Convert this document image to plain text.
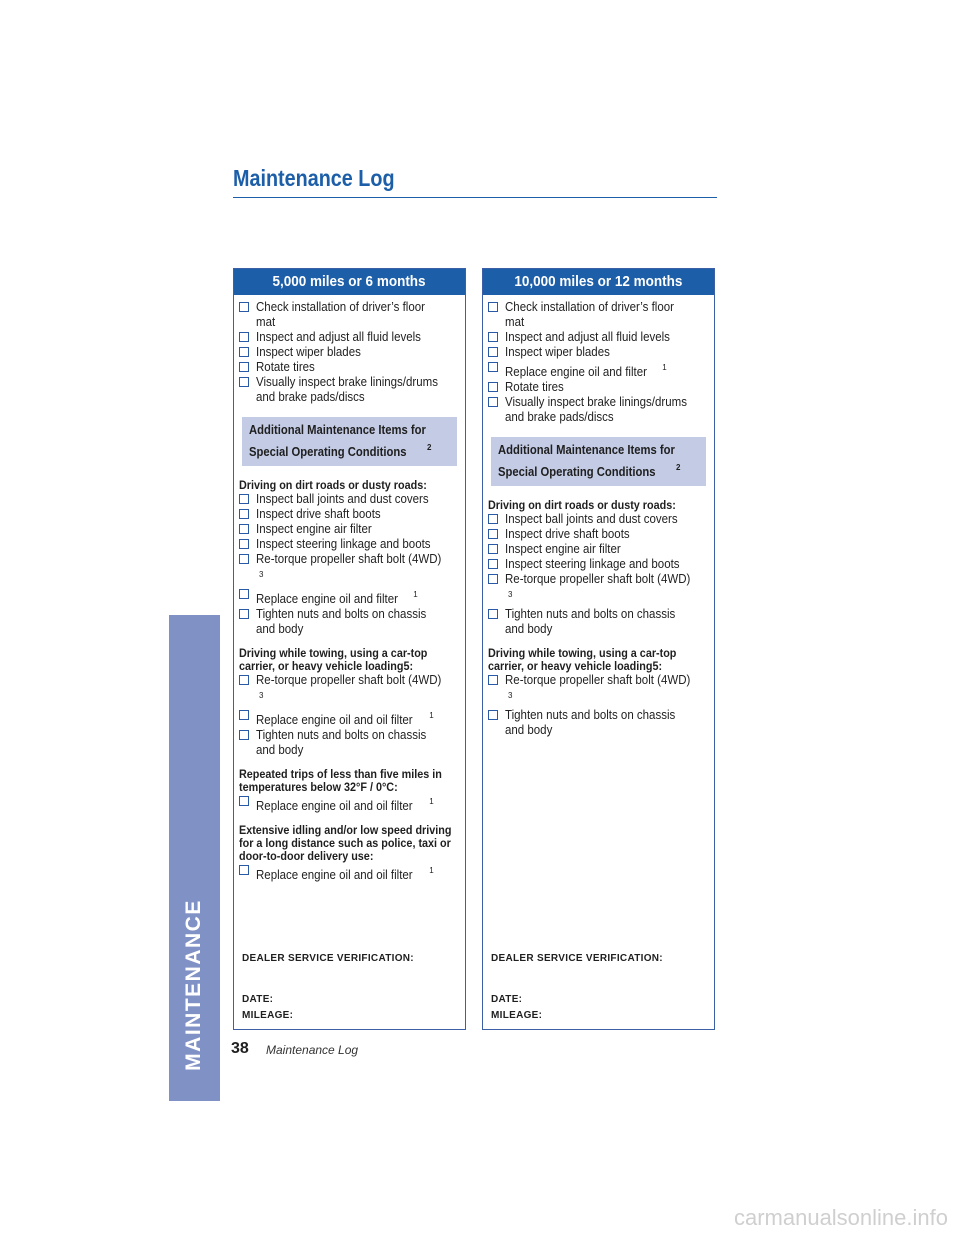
Maintenance Log
MAINTENANCE
5,000 miles or 6 months
Check installation of driver’s floor mat
Inspect and adjust all fluid levels
Inspect wiper blades
Rotate tires
Visually inspect brake linings/drums and brake pads/discs
Additional Maintenance Items for
Special Operating Conditions	$^2$
Driving on dirt roads or dusty roads:
Inspect ball joints and dust covers
Inspect drive shaft boots
Inspect engine air filter
Inspect steering linkage and boots
Re-torque propeller shaft bolt (4WD)$^3$
Replace engine oil and filter $^1$
Tighten nuts and bolts on chassis and body
Driving while towing, using a car-topcarrier, or heavy vehicle loading5:
Re-torque propeller shaft bolt (4WD)$^3$
Replace engine oil and oil filter $^1$
Tighten nuts and bolts on chassis and body
Repeated trips of less than five miles intemperatures below 32°F / 0°C:
Replace engine oil and oil filter $^1$
Extensive idling and/or low speed drivingfor a long distance such as police, taxi ordoor-to-door delivery use:
Replace engine oil and oil filter $^1$
DEALER SERVICE VERIFICATION:
DATE:
MILEAGE:
10,000 miles or 12 months
Check installation of driver’s floor mat
Inspect and adjust all fluid levels
Inspect wiper blades
Replace engine oil and filter $^1$
Rotate tires
Visually inspect brake linings/drums and brake pads/discs
Additional Maintenance Items for
Special Operating Conditions	$^2$
Driving on dirt roads or dusty roads:
Inspect ball joints and dust covers
Inspect drive shaft boots
Inspect engine air filter
Inspect steering linkage and boots
Re-torque propeller shaft bolt (4WD)$^3$
Tighten nuts and bolts on chassis and body
Driving while towing, using a car-topcarrier, or heavy vehicle loading5:
Re-torque propeller shaft bolt (4WD)$^3$
Tighten nuts and bolts on chassis and body
DEALER SERVICE VERIFICATION:
DATE:
MILEAGE:
38 Maintenance Log
carmanualsonline.info
